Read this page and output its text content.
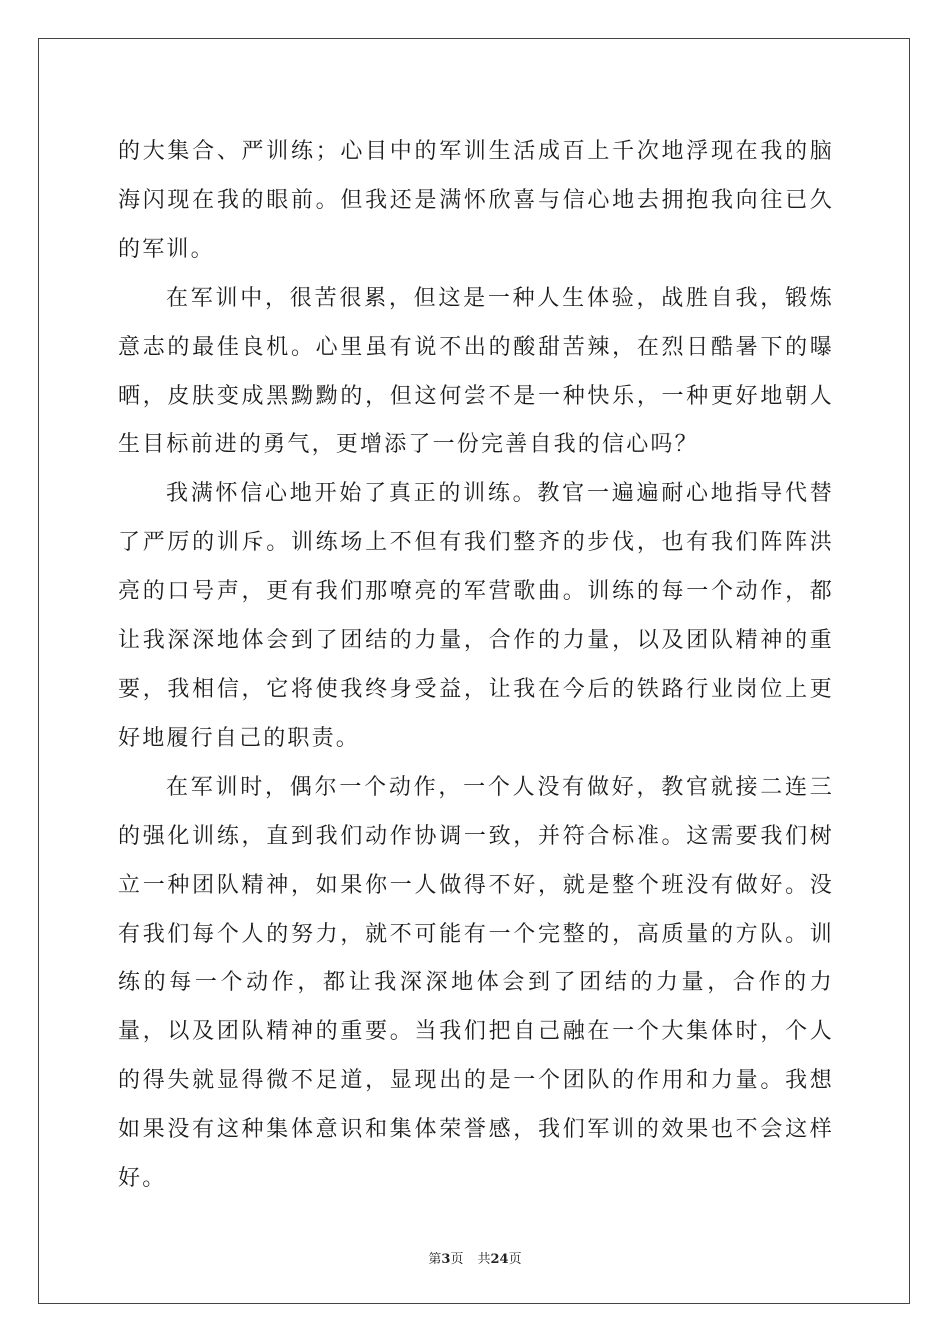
的大集合、严训练；心目中的军训生活成百上千次地浮现在我的脑海闪现在我的眼前。但我还是满怀欣喜与信心地去拥抱我向往已久的军训。

在军训中，很苦很累，但这是一种人生体验，战胜自我，锻炼意志的最佳良机。心里虽有说不出的酸甜苦辣，在烈日酷暑下的曝晒，皮肤变成黑黝黝的，但这何尝不是一种快乐，一种更好地朝人生目标前进的勇气，更增添了一份完善自我的信心吗？

我满怀信心地开始了真正的训练。教官一遍遍耐心地指导代替了严厉的训斥。训练场上不但有我们整齐的步伐，也有我们阵阵洪亮的口号声，更有我们那嘹亮的军营歌曲。训练的每一个动作，都让我深深地体会到了团结的力量，合作的力量，以及团队精神的重要，我相信，它将使我终身受益，让我在今后的铁路行业岗位上更好地履行自己的职责。

在军训时，偶尔一个动作，一个人没有做好，教官就接二连三的强化训练，直到我们动作协调一致，并符合标准。这需要我们树立一种团队精神，如果你一人做得不好，就是整个班没有做好。没有我们每个人的努力，就不可能有一个完整的，高质量的方队。训练的每一个动作，都让我深深地体会到了团结的力量，合作的力量，以及团队精神的重要。当我们把自己融在一个大集体时，个人的得失就显得微不足道，显现出的是一个团队的作用和力量。我想如果没有这种集体意识和集体荣誉感，我们军训的效果也不会这样好。

第3页 共24页
